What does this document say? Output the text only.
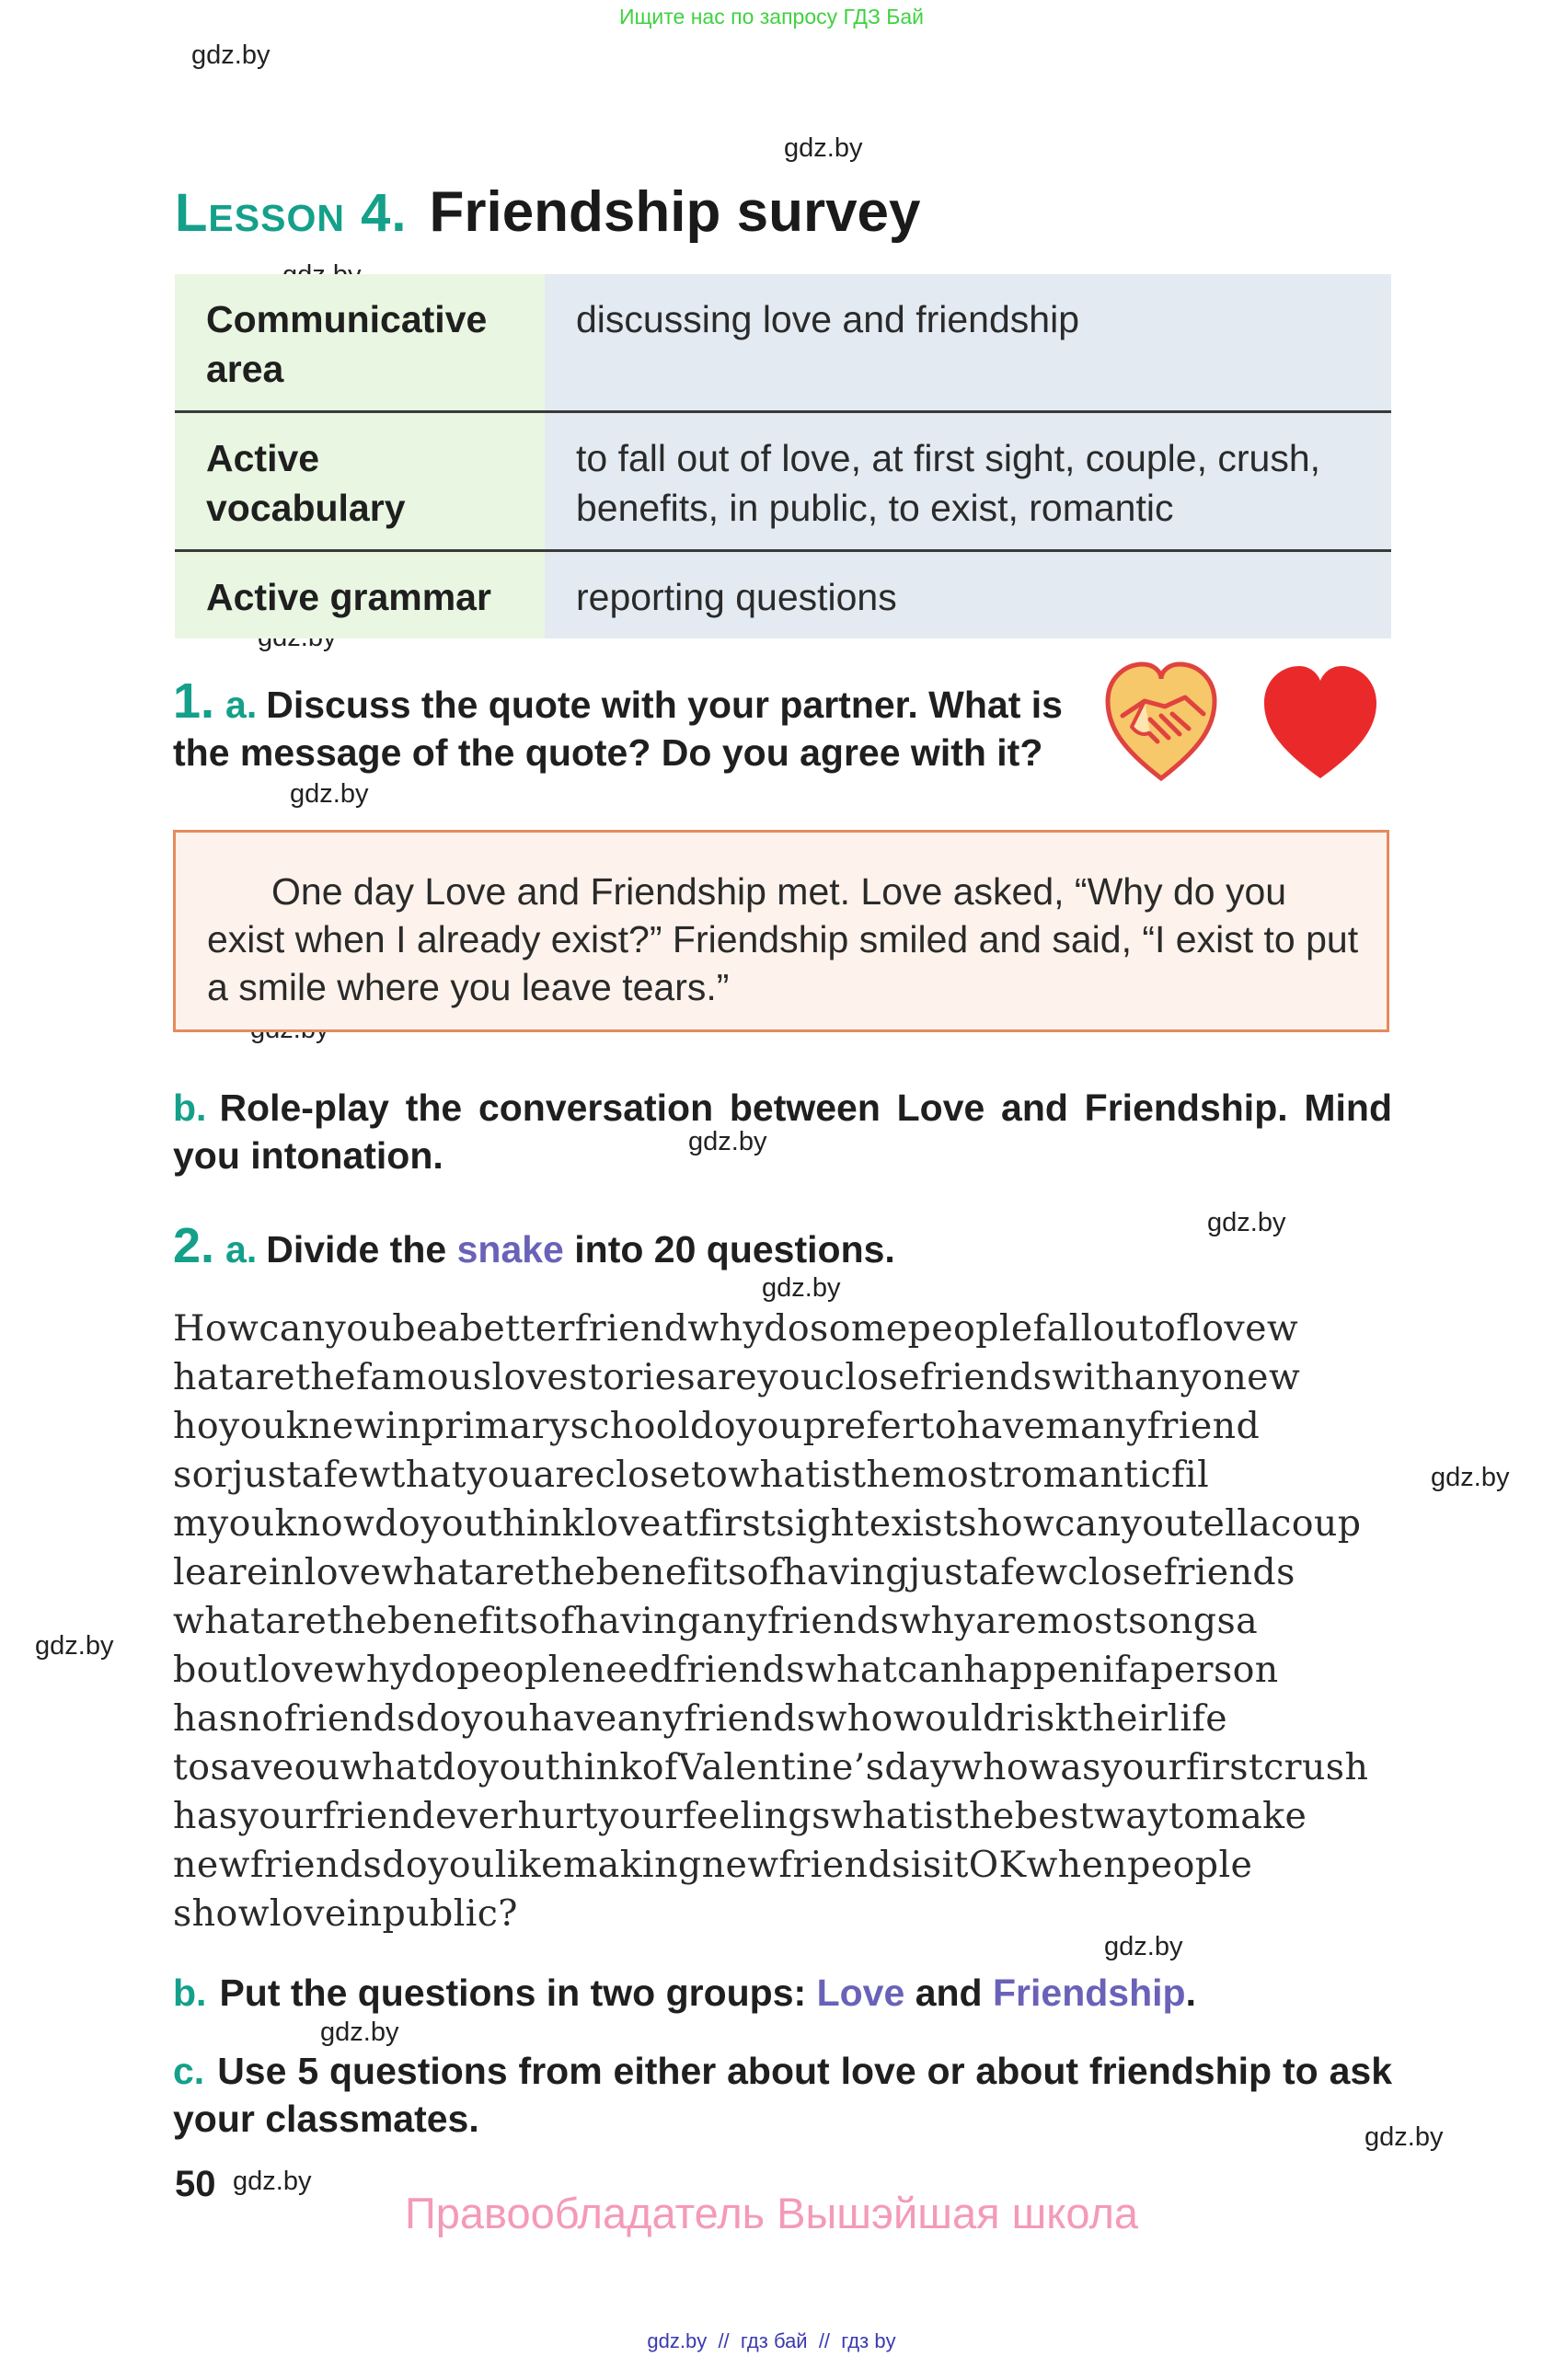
Ищите нас по запросу ГДЗ Бай
gdz.by
gdz.by
gdz.by
gdz.by
gdz.by
gdz.by
gdz.by
gdz.by
gdz.by
gdz.by
gdz.by
gdz.by
Lesson 4. Friendship survey
Communicative area	discussing love and friendship
Active vocabulary	to fall out of love, at first sight, couple, crush, benefits, in public, to exist, romantic
Active grammar	reporting questions
1. a. Discuss the quote with your partner. What is the message of the quote? Do you agree with it?

One day Love and Friendship met. Love asked, “Why do you exist when I already exist?” Friendship smiled and said, “I exist to put a smile where you leave tears.”

b. Role-play the conversation between Love and Friendship. Mind you intonation.
2. a. Divide the snake into 20 questions.
Howcanyoubeabetterfriendwhydosomepeoplefalloutoflovew
hatarethefamouslovestoriesareyouclosefriendswithanyonew
hoyouknewinprimaryschooldoyouprefertohavemanyfriend
sorjustafewthatyouareclosetowhatisthemostromanticfil
myouknowdoyouthinkloveatfirstsightexistshowcanyoutellacoup
leareinlovewhatarethebenefitsofhavingjustafewclosefriends
whatarethebenefitsofhavinganyfriendswhyaremostsongsa
boutlovewhydopeopleneedfriendswhatcanhappenifaperson
hasnofriendsdoyouhaveanyfriendswhowouldrisktheirlife
tosaveouwhatdoyouthinkofValentine’sdaywhowasyourfirstcrush
hasyourfriendeverhurtyourfeelingswhatisthebestwaytomake
newfriendsdoyoulikemakingnewfriendsisitOKwhenpeople
showloveinpublic?
b. Put the questions in two groups: Love and Friendship.
c. Use 5 questions from either about love or about friendship to ask your classmates.
50
Правообладатель Вышэйшая школа
gdz.by  //  гдз бай  //  гдз by
